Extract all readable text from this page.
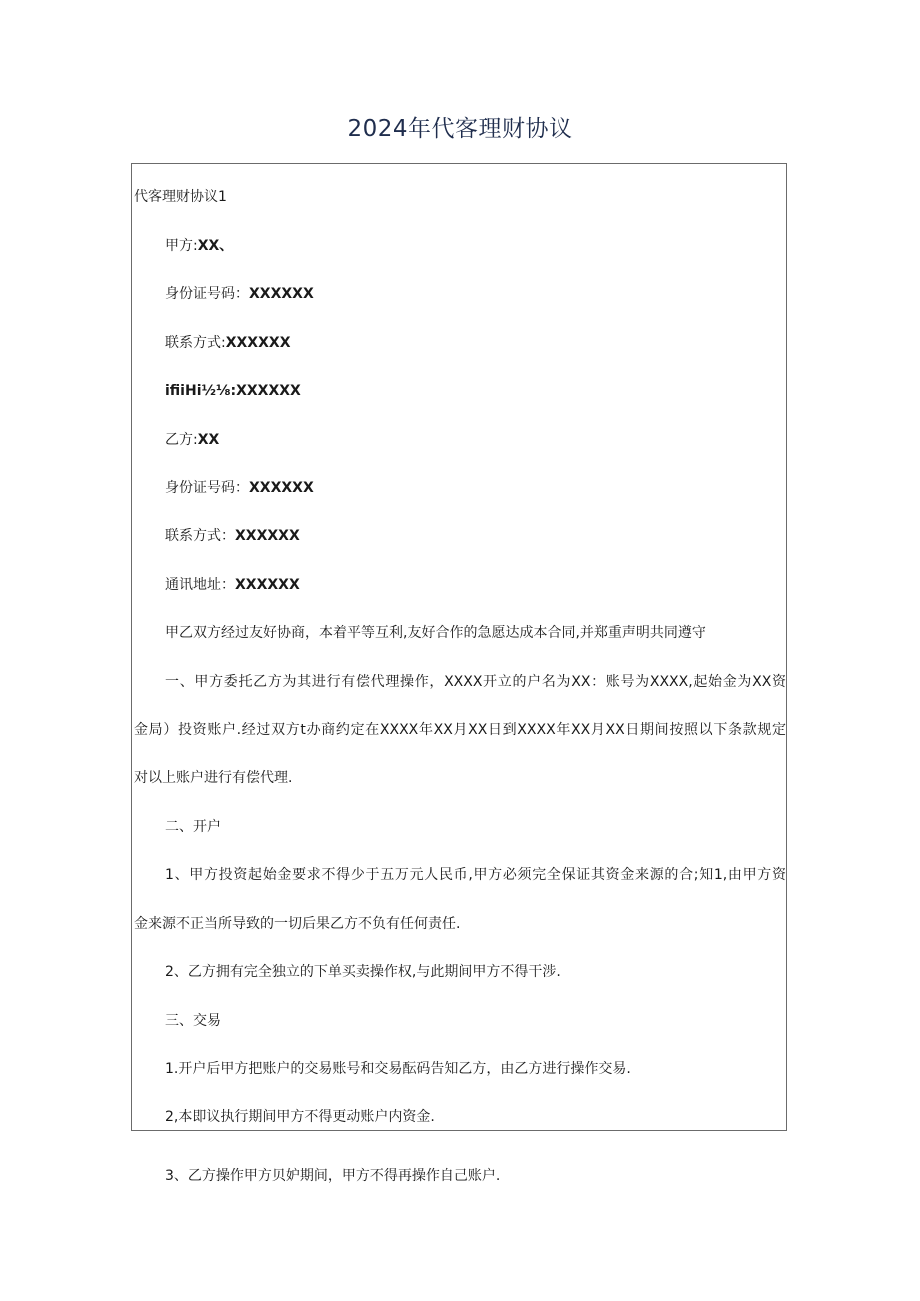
2024年代客理财协议
代客理财协议1
甲方:XX、
身份证号码：XXXXXX
联系方式:XXXXXX
ifiiHi½⅛:XXXXXX
乙方:XX
身份证号码：XXXXXX
联系方式：XXXXXX
通讯地址：XXXXXX
甲乙双方经过友好协商，本着平等互利,友好合作的急愿达成本合同,并郑重声明共同遵守
一、甲方委托乙方为其进行有偿代理操作，XXXX开立的户名为XX：账号为XXXX,起始金为XX资
金局）投资账户.经过双方t办商约定在XXXX年XX月XX日到XXXX年XX月XX日期间按照以下条款规定
对以上账户进行有偿代理.
二、开户
1、甲方投资起始金要求不得少于五万元人民币,甲方必须完全保证其资金来源的合;知1,由甲方资
金来源不正当所导致的一切后果乙方不负有任何责任.
2、乙方拥有完全独立的下单买卖操作权,与此期间甲方不得干涉.
三、交易
1.开户后甲方把账户的交易账号和交易酝码告知乙方，由乙方进行操作交易.
2,本即议执行期间甲方不得更动账户内资金.
3、乙方操作甲方贝妒期间，甲方不得再操作自己账户.
